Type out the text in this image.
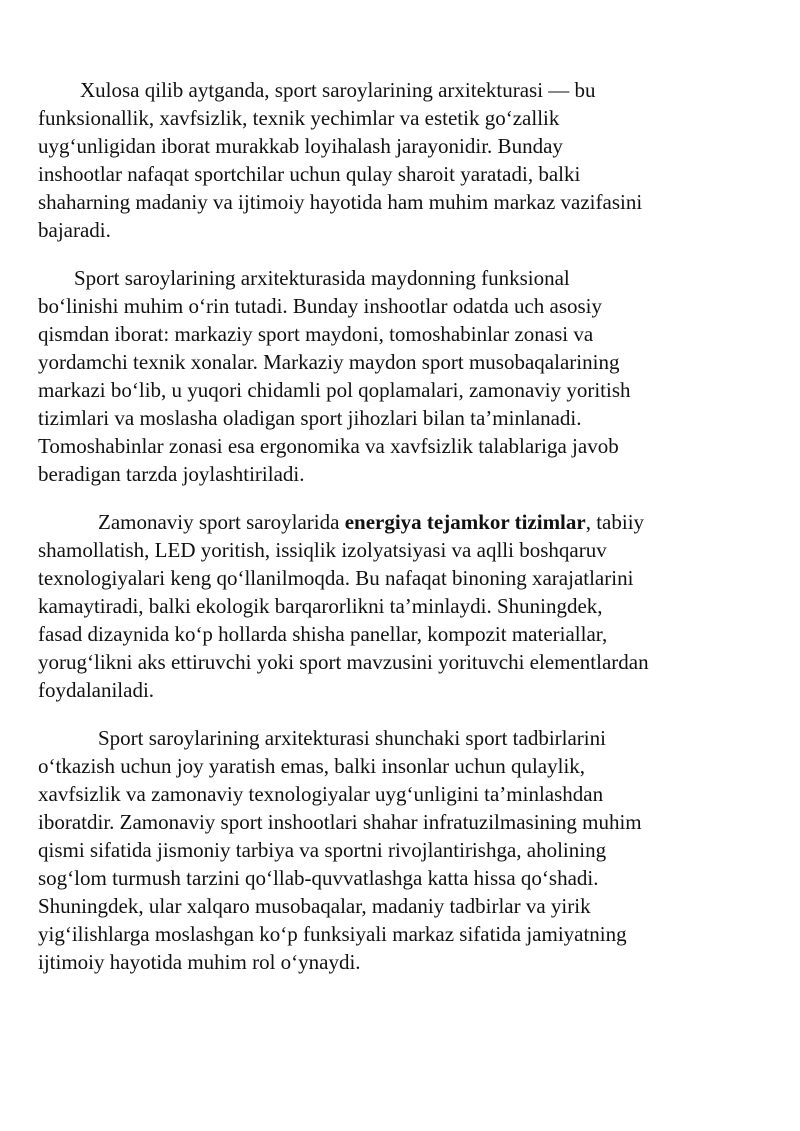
Xulosa qilib aytganda, sport saroylarining arxitekturasi — bu
funksionallik, xavfsizlik, texnik yechimlar va estetik go‘zallik
uyg‘unligidan iborat murakkab loyihalash jarayonidir. Bunday
inshootlar nafaqat sportchilar uchun qulay sharoit yaratadi, balki
shaharning madaniy va ijtimoiy hayotida ham muhim markaz vazifasini
bajaradi.

Sport saroylarining arxitekturasida maydonning funksional
bo‘linishi muhim o‘rin tutadi. Bunday inshootlar odatda uch asosiy
qismdan iborat: markaziy sport maydoni, tomoshabinlar zonasi va
yordamchi texnik xonalar. Markaziy maydon sport musobaqalarining
markazi bo‘lib, u yuqori chidamli pol qoplamalari, zamonaviy yoritish
tizimlari va moslasha oladigan sport jihozlari bilan ta’minlanadi.
Tomoshabinlar zonasi esa ergonomika va xavfsizlik talablariga javob
beradigan tarzda joylashtiriladi.

Zamonaviy sport saroylarida energiya tejamkor tizimlar, tabiiy
shamollatish, LED yoritish, issiqlik izolyatsiyasi va aqlli boshqaruv
texnologiyalari keng qo‘llanilmoqda. Bu nafaqat binoning xarajatlarini
kamaytiradi, balki ekologik barqarorlikni ta’minlaydi. Shuningdek,
fasad dizaynida ko‘p hollarda shisha panellar, kompozit materiallar,
yorug‘likni aks ettiruvchi yoki sport mavzusini yorituvchi elementlardan
foydalaniladi.

Sport saroylarining arxitekturasi shunchaki sport tadbirlarini
o‘tkazish uchun joy yaratish emas, balki insonlar uchun qulaylik,
xavfsizlik va zamonaviy texnologiyalar uyg‘unligini ta’minlashdan
iboratdir. Zamonaviy sport inshootlari shahar infratuzilmasining muhim
qismi sifatida jismoniy tarbiya va sportni rivojlantirishga, aholining
sog‘lom turmush tarzini qo‘llab-quvvatlashga katta hissa qo‘shadi.
Shuningdek, ular xalqaro musobaqalar, madaniy tadbirlar va yirik
yig‘ilishlarga moslashgan ko‘p funksiyali markaz sifatida jamiyatning
ijtimoiy hayotida muhim rol o‘ynaydi.
